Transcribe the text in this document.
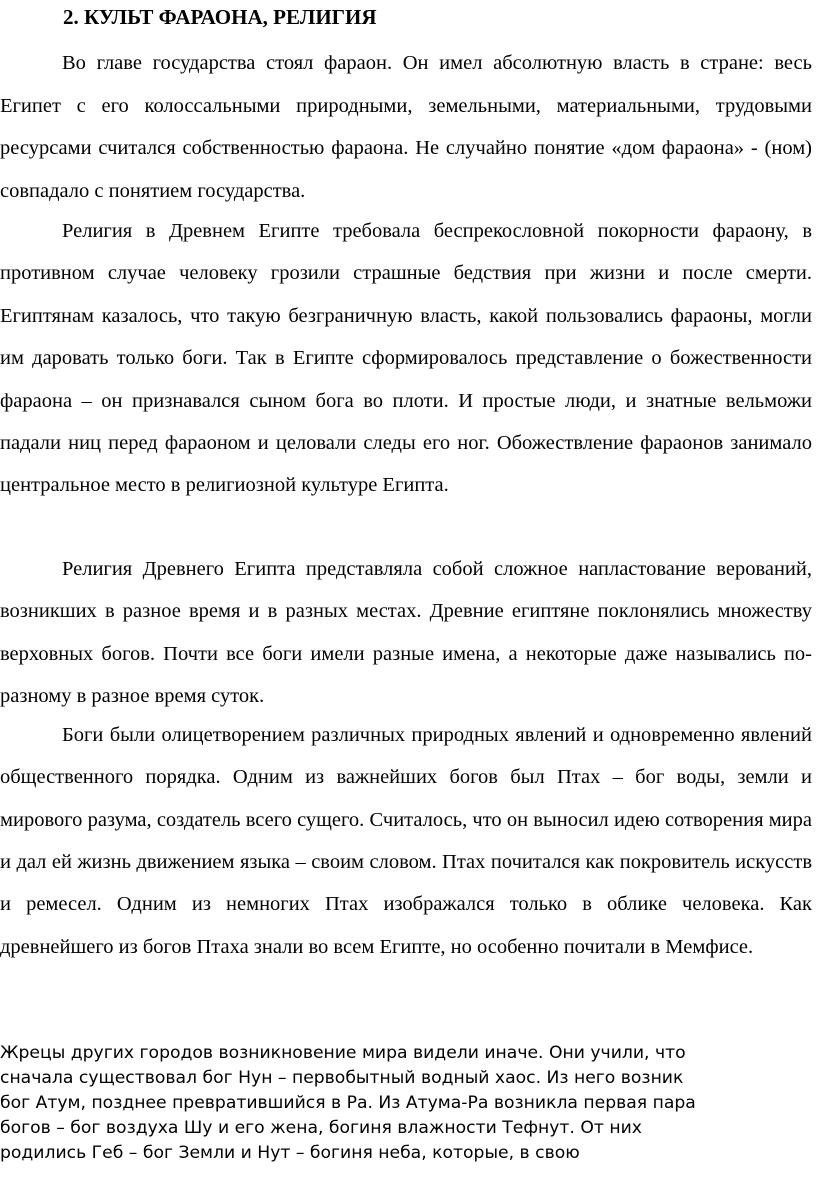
2. КУЛЬТ ФАРАОНА, РЕЛИГИЯ

Во главе государства стоял фараон. Он имел абсолютную власть в стране: весь Египет с его колоссальными природными, земельными, материальными, трудовыми ресурсами считался собственностью фараона. Не случайно понятие «дом фараона» - (ном) совпадало с понятием государства.

Религия в Древнем Египте требовала беспрекословной покорности фараону, в противном случае человеку грозили страшные бедствия при жизни и после смерти. Египтянам казалось, что такую безграничную власть, какой пользовались фараоны, могли им даровать только боги. Так в Египте сформировалось представление о божественности фараона – он признавался сыном бога во плоти. И простые люди, и знатные вельможи падали ниц перед фараоном и целовали следы его ног. Обожествление фараонов занимало центральное место в религиозной культуре Египта.

Религия Древнего Египта представляла собой сложное напластование верований, возникших в разное время и в разных местах. Древние египтяне поклонялись множеству верховных богов. Почти все боги имели разные имена, а некоторые даже назывались по-разному в разное время суток.

Боги были олицетворением различных природных явлений и одновременно явлений общественного порядка. Одним из важнейших богов был Птах – бог воды, земли и мирового разума, создатель всего сущего. Считалось, что он выносил идею сотворения мира и дал ей жизнь движением языка – своим словом. Птах почитался как покровитель искусств и ремесел. Одним из немногих Птах изображался только в облике человека. Как древнейшего из богов Птаха знали во всем Египте, но особенно почитали в Мемфисе.

Жрецы других городов возникновение мира видели иначе. Они учили, что
сначала существовал бог Нун – первобытный водный хаос. Из него возник
бог Атум, позднее превратившийся в Ра. Из Атума-Ра возникла первая пара
богов – бог воздуха Шу и его жена, богиня влажности Тефнут. От них
родились Геб – бог Земли и Нут – богиня неба, которые, в свою
